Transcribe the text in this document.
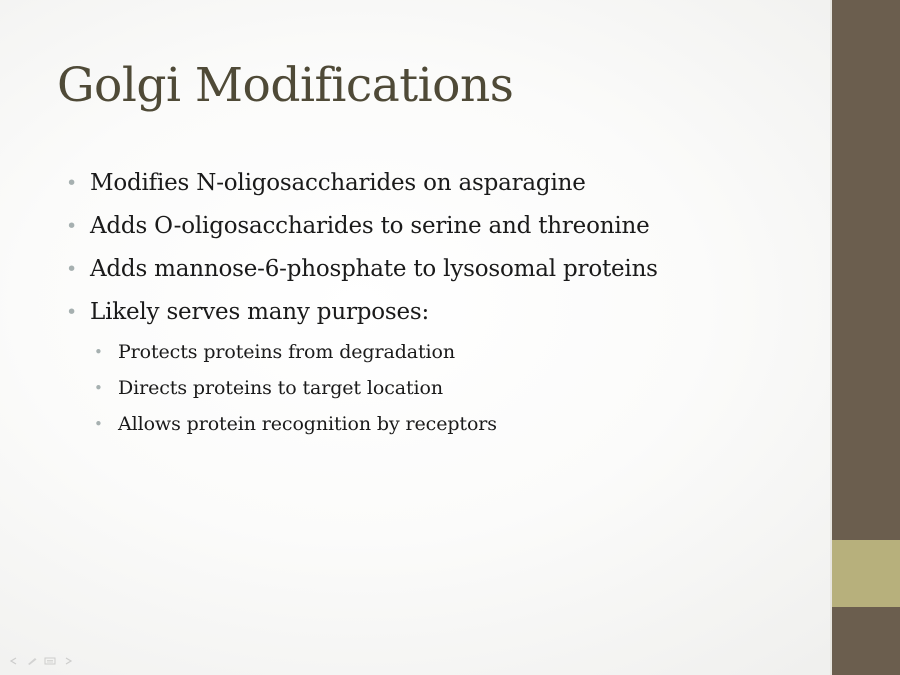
Golgi Modifications
• Modifies N-oligosaccharides on asparagine
• Adds O-oligosaccharides to serine and threonine
• Adds mannose-6-phosphate to lysosomal proteins
• Likely serves many purposes:
• Protects proteins from degradation
• Directs proteins to target location
• Allows protein recognition by receptors
